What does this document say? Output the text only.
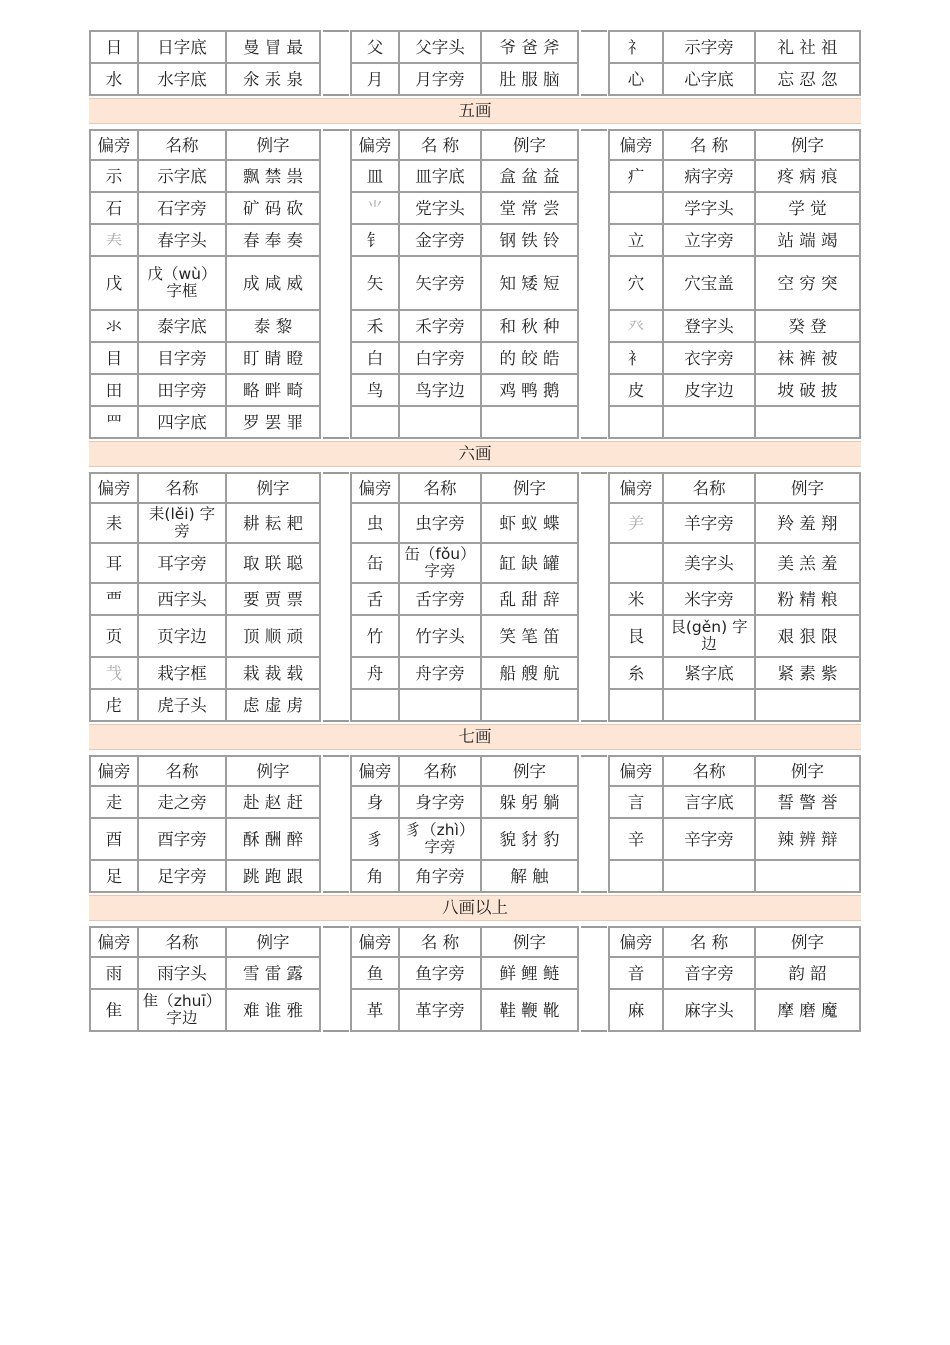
日	日字底	曼 冒 最
水	水字底	氽 汞 泉
父	父字头	爷 爸 斧
月	月字旁	肚 服 脑
礻	示字旁	礼 社 祖
心	心字底	忘 忍 忽
五画
偏旁	名称	例字
示	示字底	飘 禁 祟
石	石字旁	矿 码 砍
𡗗	春字头	春 奉 奏
戊	戊（wù）字框	成 咸 威
氺	泰字底	泰 黎
目	目字旁	盯 睛 瞪
田	田字旁	略 畔 畸
罒	四字底	罗 罢 罪
偏旁	名 称	例字
皿	皿字底	盒 盆 益
⺌	党字头	堂 常 尝
钅	金字旁	钢 铁 铃
矢	矢字旁	知 矮 短
禾	禾字旁	和 秋 种
白	白字旁	的 皎 皓
鸟	鸟字边	鸡 鸭 鹅

偏旁	名 称	例字
疒	病字旁	疼 病 痕
	学字头	学 觉
立	立字旁	站 端 竭
穴	穴宝盖	空 穷 突
癶	登字头	癸 登
衤	衣字旁	袜 裤 被
皮	皮字边	坡 破 披

六画
偏旁	名称	例字
耒	耒(lěi) 字旁	耕 耘 耙
耳	耳字旁	取 联 聪
覀	西字头	要 贾 票
页	页字边	顶 顺 顽
𢦏	栽字框	栽 裁 载
虍	虎子头	虑 虚 虏
偏旁	名称	例字
虫	虫字旁	虾 蚁 蝶
缶	缶（fǒu）字旁	缸 缺 罐
舌	舌字旁	乱 甜 辞
竹	竹字头	笑 笔 笛
舟	舟字旁	船 艘 航

偏旁	名称	例字
⺶	羊字旁	羚 羞 翔
	美字头	美 羔 羞
米	米字旁	粉 精 粮
艮	艮(gěn) 字边	艰 狠 限
糸	紧字底	紧 素 紫

七画
偏旁	名称	例字
走	走之旁	赴 赵 赶
酉	酉字旁	酥 酬 醉
足	足字旁	跳 跑 跟
偏旁	名称	例字
身	身字旁	躲 躬 躺
豸	豸（zhì）字旁	貌 豺 豹
角	角字旁	解 触
偏旁	名称	例字
言	言字底	誓 警 誉
辛	辛字旁	辣 辨 辩

八画以上
偏旁	名称	例字
雨	雨字头	雪 雷 露
隹	隹（zhuī）字边	难 谁 雅
偏旁	名 称	例字
鱼	鱼字旁	鲜 鲤 鲢
革	革字旁	鞋 鞭 靴
偏旁	名 称	例字
音	音字旁	韵 韶
麻	麻字头	摩 磨 魔
